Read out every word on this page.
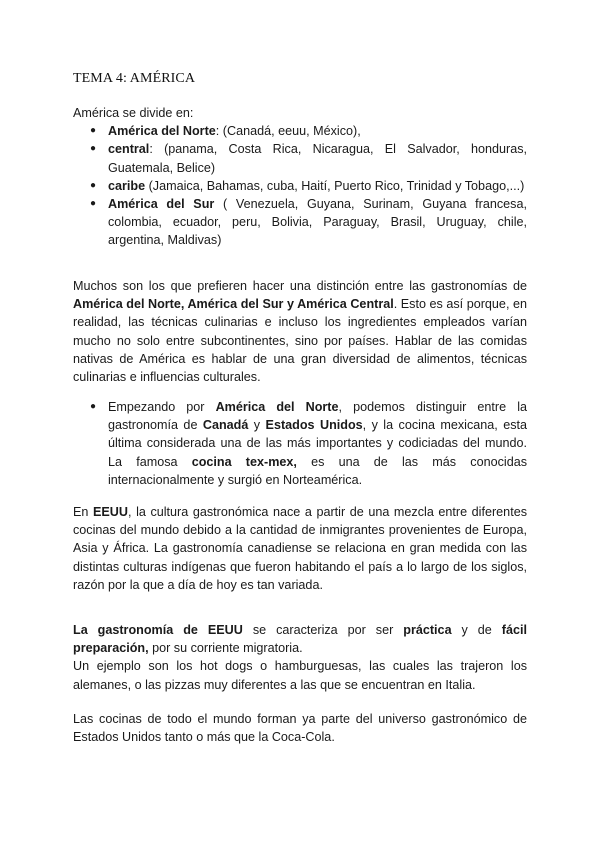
TEMA 4: AMÉRICA
América se divide en:
● América del Norte: (Canadá, eeuu, México),
● central: (panama, Costa Rica, Nicaragua, El Salvador, honduras, Guatemala, Belice)
● caribe (Jamaica, Bahamas, cuba, Haití, Puerto Rico, Trinidad y Tobago,...)
● América del Sur ( Venezuela, Guyana, Surinam, Guyana francesa, colombia, ecuador, peru, Bolivia, Paraguay, Brasil, Uruguay, chile, argentina, Maldivas)
Muchos son los que prefieren hacer una distinción entre las gastronomías de América del Norte, América del Sur y América Central. Esto es así porque, en realidad, las técnicas culinarias e incluso los ingredientes empleados varían mucho no solo entre subcontinentes, sino por países. Hablar de las comidas nativas de América es hablar de una gran diversidad de alimentos, técnicas culinarias e influencias culturales.
● Empezando por América del Norte, podemos distinguir entre la gastronomía de Canadá y Estados Unidos, y la cocina mexicana, esta última considerada una de las más importantes y codiciadas del mundo. La famosa cocina tex-mex, es una de las más conocidas internacionalmente y surgió en Norteamérica.
En EEUU, la cultura gastronómica nace a partir de una mezcla entre diferentes cocinas del mundo debido a la cantidad de inmigrantes provenientes de Europa, Asia y África. La gastronomía canadiense se relaciona en gran medida con las distintas culturas indígenas que fueron habitando el país a lo largo de los siglos, razón por la que a día de hoy es tan variada.
La gastronomía de EEUU se caracteriza por ser práctica y de fácil preparación, por su corriente migratoria.
Un ejemplo son los hot dogs o hamburguesas, las cuales las trajeron los alemanes, o las pizzas muy diferentes a las que se encuentran en Italia.
Las cocinas de todo el mundo forman ya parte del universo gastronómico de Estados Unidos tanto o más que la Coca-Cola.
